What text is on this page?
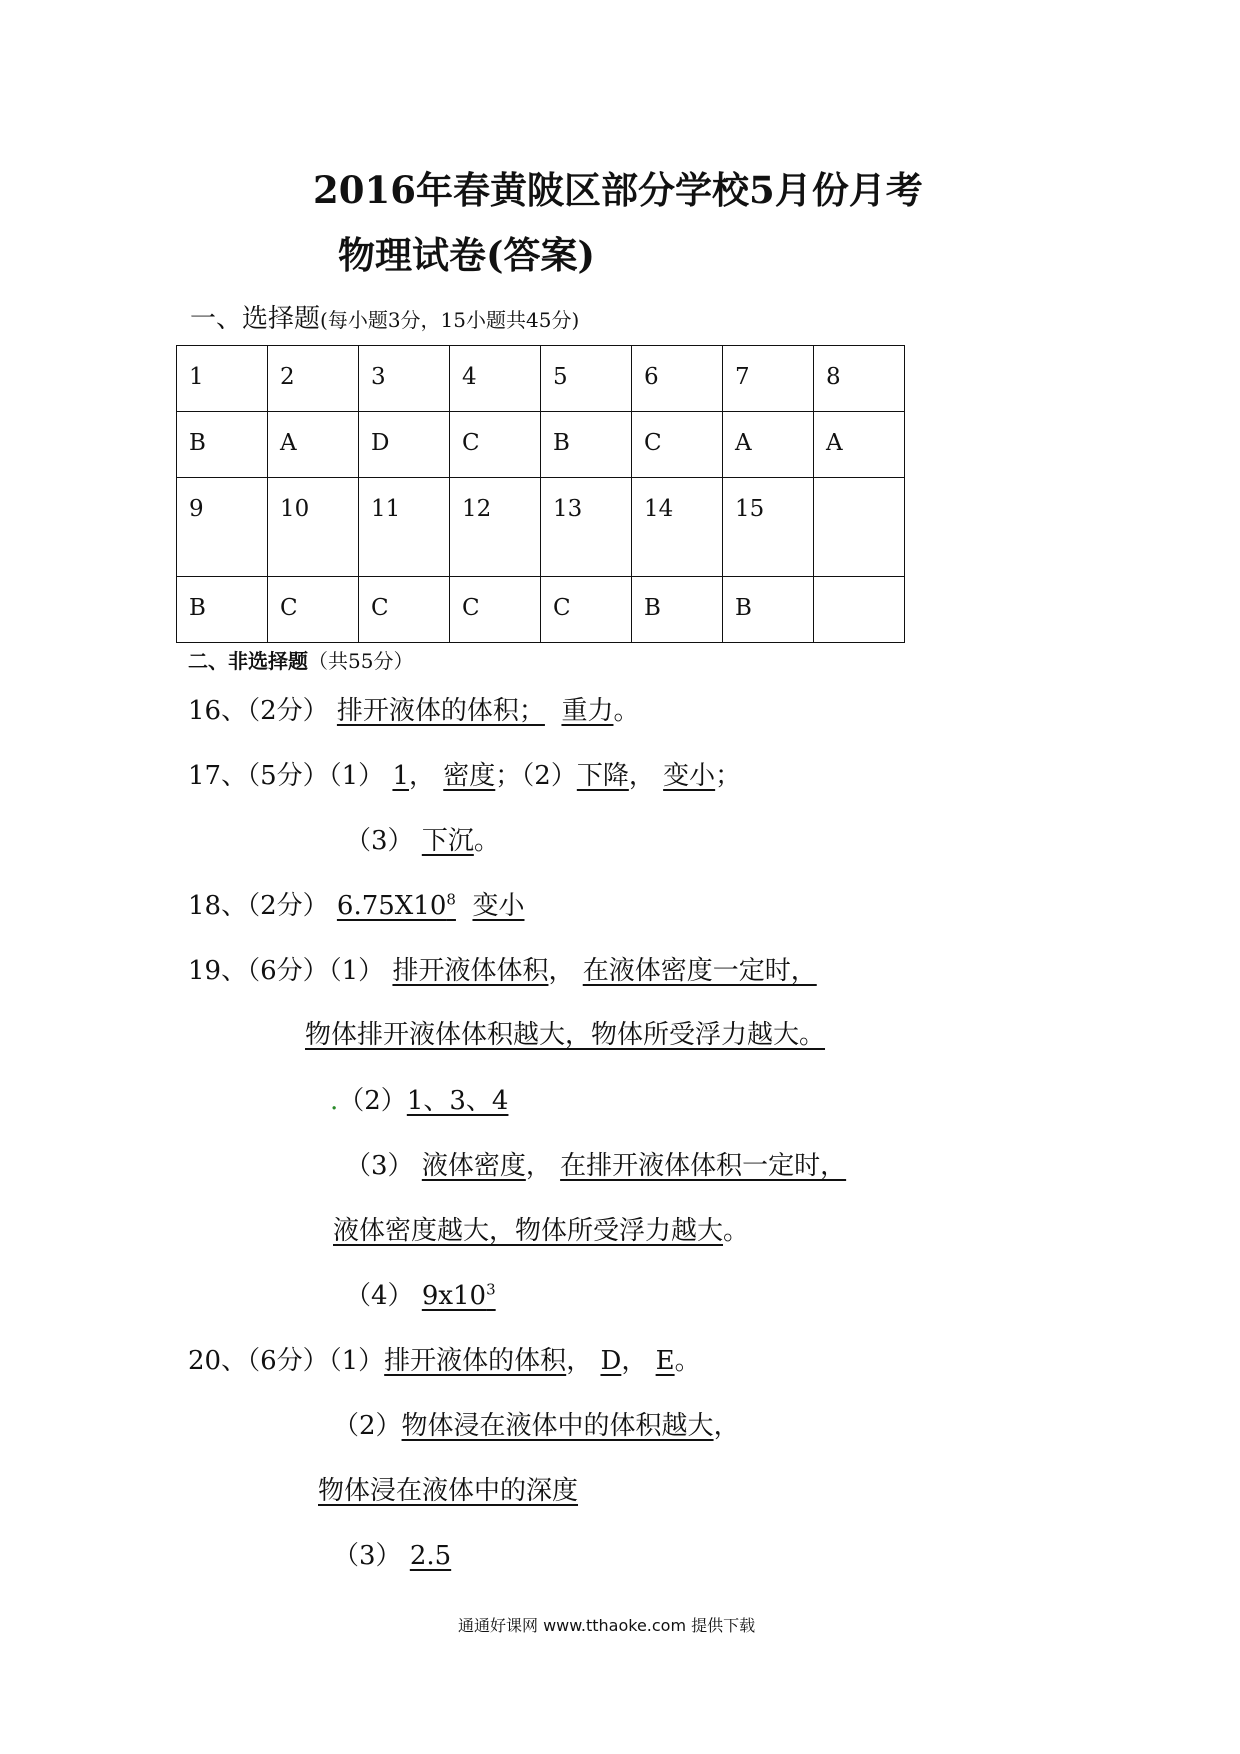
2016年春黄陂区部分学校5月份月考
物理试卷(答案)
一、选择题(每小题3分，15小题共45分)
1	2	3	4	5	6	7	8
B	A	D	C	B	C	A	A
9	10	11	12	13	14	15	
B	C	C	C	C	B	B	
二、非选择题（共55分）
16、（2分） 排开液体的体积； 重力。
17、（5分）（1） 1， 密度；（2）下降， 变小；
（3） 下沉。
18、（2分） $6.75X10^8$ 变小
19、（6分）（1） 排开液体体积， 在液体密度一定时，
物体排开液体体积越大，物体所受浮力越大。
.（2）1、3、4
（3） 液体密度， 在排开液体体积一定时，
液体密度越大，物体所受浮力越大。
（4） $9x10^3$
20、（6分）（1）排开液体的体积， D， E。
（2）物体浸在液体中的体积越大，
物体浸在液体中的深度
（3） 2.5
通通好课网 www.tthaoke.com 提供下载
